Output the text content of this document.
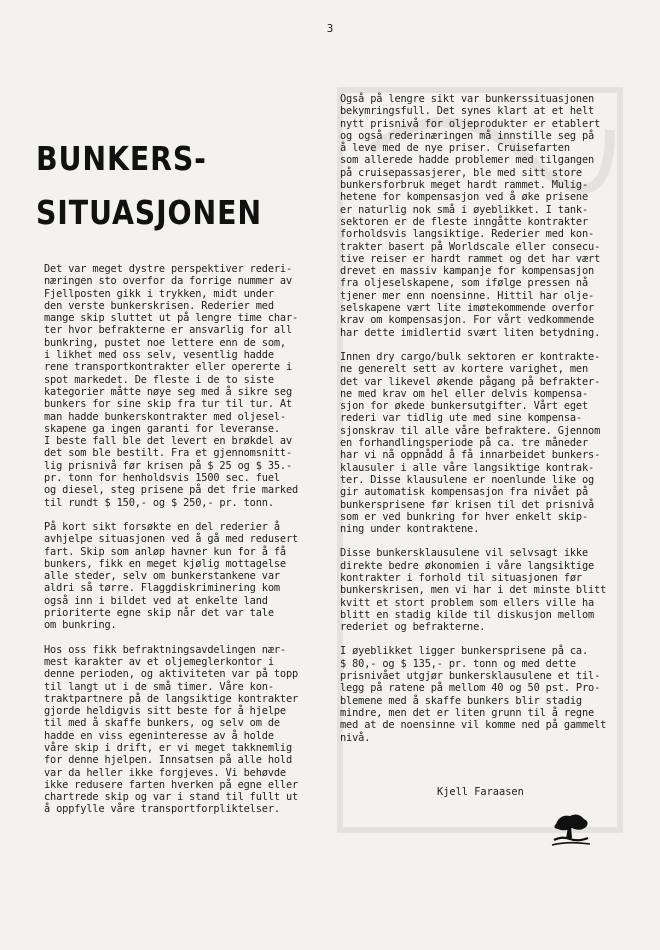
3
BUNKERS-
SITUASJONEN

Det var meget dystre perspektiver rederi-
næringen sto overfor da forrige nummer av
Fjellposten gikk i trykken, midt under
den verste bunkerskrisen. Rederier med
mange skip sluttet ut på lengre time char-
ter hvor befrakterne er ansvarlig for all
bunkring, pustet noe lettere enn de som,
i likhet med oss selv, vesentlig hadde
rene transportkontrakter eller opererte i
spot markedet. De fleste i de to siste
kategorier måtte nøye seg med å sikre seg
bunkers for sine skip fra tur til tur. At
man hadde bunkerskontrakter med oljesel-
skapene ga ingen garanti for leveranse.
I beste fall ble det levert en brøkdel av
det som ble bestilt. Fra et gjennomsnitt-
lig prisnivå før krisen på $ 25 og $ 35.-
pr. tonn for henholdsvis 1500 sec. fuel
og diesel, steg prisene på det frie marked
til rundt $ 150,- og $ 250,- pr. tonn.

På kort sikt forsøkte en del rederier å
avhjelpe situasjonen ved å gå med redusert
fart. Skip som anløp havner kun for å få
bunkers, fikk en meget kjølig mottagelse
alle steder, selv om bunkerstankene var
aldri så tørre. Flaggdiskriminering kom
også inn i bildet ved at enkelte land
prioriterte egne skip når det var tale
om bunkring.

Hos oss fikk befraktningsavdelingen nær-
mest karakter av et oljemeglerkontor i
denne perioden, og aktiviteten var på topp
til langt ut i de små timer. Våre kon-
traktpartnere på de langsiktige kontrakter
gjorde heldigvis sitt beste for å hjelpe
til med å skaffe bunkers, og selv om de
hadde en viss egeninteresse av å holde
våre skip i drift, er vi meget takknemlig
for denne hjelpen. Innsatsen på alle hold
var da heller ikke forgjeves. Vi behøvde
ikke redusere farten hverken på egne eller
chartrede skip og var i stand til fullt ut
å oppfylle våre transportforpliktelser.

Også på lengre sikt var bunkerssituasjonen
bekymringsfull. Det synes klart at et helt
nytt prisnivå for oljeprodukter er etablert
og også rederinæringen må innstille seg på
å leve med de nye priser. Cruisefarten
som allerede hadde problemer med tilgangen
på cruisepassasjerer, ble med sitt store
bunkersforbruk meget hardt rammet. Mulig-
hetene for kompensasjon ved å øke prisene
er naturlig nok små i øyeblikket. I tank-
sektoren er de fleste inngåtte kontrakter
forholdsvis langsiktige. Rederier med kon-
trakter basert på Worldscale eller consecu-
tive reiser er hardt rammet og det har vært
drevet en massiv kampanje for kompensasjon
fra oljeselskapene, som ifølge pressen nå
tjener mer enn noensinne. Hittil har olje-
selskapene vært lite imøtekommende overfor
krav om kompensasjon. For vårt vedkommende
har dette imidlertid svært liten betydning.

Innen dry cargo/bulk sektoren er kontrakte-
ne generelt sett av kortere varighet, men
det var likevel økende pågang på befrakter-
ne med krav om hel eller delvis kompensa-
sjon for økede bunkersutgifter. Vårt eget
rederi var tidlig ute med sine kompensa-
sjonskrav til alle våre befraktere. Gjennom
en forhandlingsperiode på ca. tre måneder
har vi nå oppnådd å få innarbeidet bunkers-
klausuler i alle våre langsiktige kontrak-
ter. Disse klausulene er noenlunde like og
gir automatisk kompensasjon fra nivået på
bunkersprisene før krisen til det prisnivå
som er ved bunkring for hver enkelt skip-
ning under kontraktene.

Disse bunkersklausulene vil selvsagt ikke
direkte bedre økonomien i våre langsiktige
kontrakter i forhold til situasjonen før
bunkerskrisen, men vi har i det minste blitt
kvitt et stort problem som ellers ville ha
blitt en stadig kilde til diskusjon mellom
rederiet og befrakterne.

I øyeblikket ligger bunkersprisene på ca.
$ 80,- og $ 135,- pr. tonn og med dette
prisnivået utgjør bunkersklausulene et til-
legg på ratene på mellom 40 og 50 pst. Pro-
blemene med å skaffe bunkers blir stadig
mindre, men det er liten grunn til å regne
med at de noensinne vil komme ned på gammelt
nivå.

Kjell Faraasen
